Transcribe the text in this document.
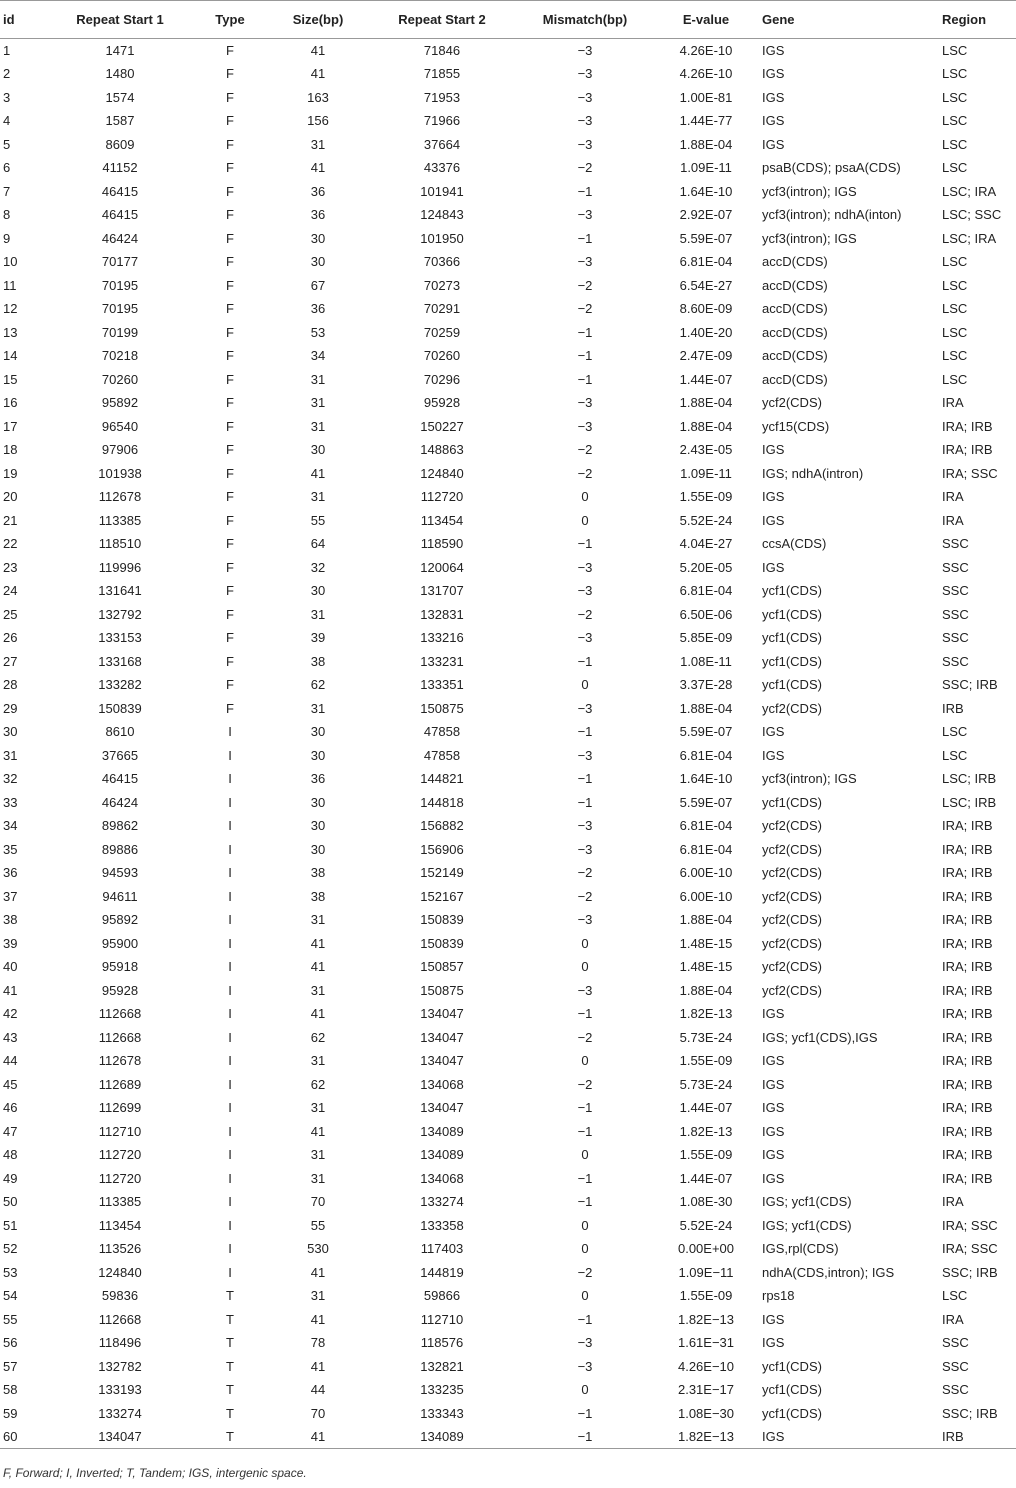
id	Repeat Start 1	Type	Size(bp)	Repeat Start 2	Mismatch(bp)	E-value	Gene	Region
1	1471	F	41	71846	−3	4.26E-10	IGS	LSC
2	1480	F	41	71855	−3	4.26E-10	IGS	LSC
3	1574	F	163	71953	−3	1.00E-81	IGS	LSC
4	1587	F	156	71966	−3	1.44E-77	IGS	LSC
5	8609	F	31	37664	−3	1.88E-04	IGS	LSC
6	41152	F	41	43376	−2	1.09E-11	psaB(CDS); psaA(CDS)	LSC
7	46415	F	36	101941	−1	1.64E-10	ycf3(intron); IGS	LSC; IRA
8	46415	F	36	124843	−3	2.92E-07	ycf3(intron); ndhA(inton)	LSC; SSC
9	46424	F	30	101950	−1	5.59E-07	ycf3(intron); IGS	LSC; IRA
10	70177	F	30	70366	−3	6.81E-04	accD(CDS)	LSC
11	70195	F	67	70273	−2	6.54E-27	accD(CDS)	LSC
12	70195	F	36	70291	−2	8.60E-09	accD(CDS)	LSC
13	70199	F	53	70259	−1	1.40E-20	accD(CDS)	LSC
14	70218	F	34	70260	−1	2.47E-09	accD(CDS)	LSC
15	70260	F	31	70296	−1	1.44E-07	accD(CDS)	LSC
16	95892	F	31	95928	−3	1.88E-04	ycf2(CDS)	IRA
17	96540	F	31	150227	−3	1.88E-04	ycf15(CDS)	IRA; IRB
18	97906	F	30	148863	−2	2.43E-05	IGS	IRA; IRB
19	101938	F	41	124840	−2	1.09E-11	IGS; ndhA(intron)	IRA; SSC
20	112678	F	31	112720	0	1.55E-09	IGS	IRA
21	113385	F	55	113454	0	5.52E-24	IGS	IRA
22	118510	F	64	118590	−1	4.04E-27	ccsA(CDS)	SSC
23	119996	F	32	120064	−3	5.20E-05	IGS	SSC
24	131641	F	30	131707	−3	6.81E-04	ycf1(CDS)	SSC
25	132792	F	31	132831	−2	6.50E-06	ycf1(CDS)	SSC
26	133153	F	39	133216	−3	5.85E-09	ycf1(CDS)	SSC
27	133168	F	38	133231	−1	1.08E-11	ycf1(CDS)	SSC
28	133282	F	62	133351	0	3.37E-28	ycf1(CDS)	SSC; IRB
29	150839	F	31	150875	−3	1.88E-04	ycf2(CDS)	IRB
30	8610	I	30	47858	−1	5.59E-07	IGS	LSC
31	37665	I	30	47858	−3	6.81E-04	IGS	LSC
32	46415	I	36	144821	−1	1.64E-10	ycf3(intron); IGS	LSC; IRB
33	46424	I	30	144818	−1	5.59E-07	ycf1(CDS)	LSC; IRB
34	89862	I	30	156882	−3	6.81E-04	ycf2(CDS)	IRA; IRB
35	89886	I	30	156906	−3	6.81E-04	ycf2(CDS)	IRA; IRB
36	94593	I	38	152149	−2	6.00E-10	ycf2(CDS)	IRA; IRB
37	94611	I	38	152167	−2	6.00E-10	ycf2(CDS)	IRA; IRB
38	95892	I	31	150839	−3	1.88E-04	ycf2(CDS)	IRA; IRB
39	95900	I	41	150839	0	1.48E-15	ycf2(CDS)	IRA; IRB
40	95918	I	41	150857	0	1.48E-15	ycf2(CDS)	IRA; IRB
41	95928	I	31	150875	−3	1.88E-04	ycf2(CDS)	IRA; IRB
42	112668	I	41	134047	−1	1.82E-13	IGS	IRA; IRB
43	112668	I	62	134047	−2	5.73E-24	IGS; ycf1(CDS),IGS	IRA; IRB
44	112678	I	31	134047	0	1.55E-09	IGS	IRA; IRB
45	112689	I	62	134068	−2	5.73E-24	IGS	IRA; IRB
46	112699	I	31	134047	−1	1.44E-07	IGS	IRA; IRB
47	112710	I	41	134089	−1	1.82E-13	IGS	IRA; IRB
48	112720	I	31	134089	0	1.55E-09	IGS	IRA; IRB
49	112720	I	31	134068	−1	1.44E-07	IGS	IRA; IRB
50	113385	I	70	133274	−1	1.08E-30	IGS; ycf1(CDS)	IRA
51	113454	I	55	133358	0	5.52E-24	IGS; ycf1(CDS)	IRA; SSC
52	113526	I	530	117403	0	0.00E+00	IGS,rpl(CDS)	IRA; SSC
53	124840	I	41	144819	−2	1.09E−11	ndhA(CDS,intron); IGS	SSC; IRB
54	59836	T	31	59866	0	1.55E-09	rps18	LSC
55	112668	T	41	112710	−1	1.82E−13	IGS	IRA
56	118496	T	78	118576	−3	1.61E−31	IGS	SSC
57	132782	T	41	132821	−3	4.26E−10	ycf1(CDS)	SSC
58	133193	T	44	133235	0	2.31E−17	ycf1(CDS)	SSC
59	133274	T	70	133343	−1	1.08E−30	ycf1(CDS)	SSC; IRB
60	134047	T	41	134089	−1	1.82E−13	IGS	IRB
F, Forward; I, Inverted; T, Tandem; IGS, intergenic space.
